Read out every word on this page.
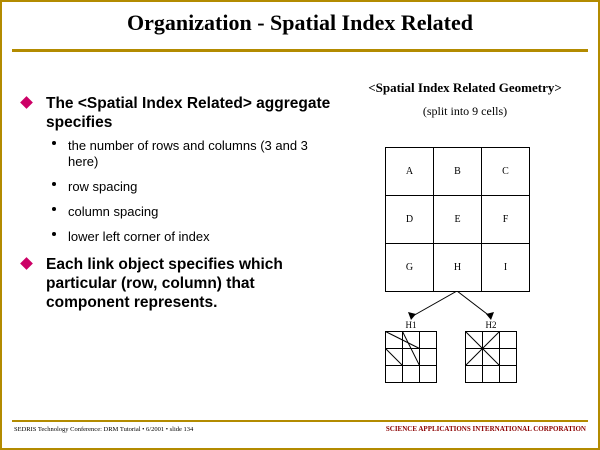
Organization - Spatial Index Related
The <Spatial Index Related> aggregate specifies
the number of rows and columns (3 and 3 here)
row spacing
column spacing
lower left corner of index
Each link object specifies which particular (row, column) that component represents.
<Spatial Index Related Geometry>
(split into 9 cells)
A	B	C
D	E	F
G	H	I
H1	H2
SEDRIS Technology Conference: DRM Tutorial • 6/2001 • slide 134	SCIENCE APPLICATIONS INTERNATIONAL CORPORATION
